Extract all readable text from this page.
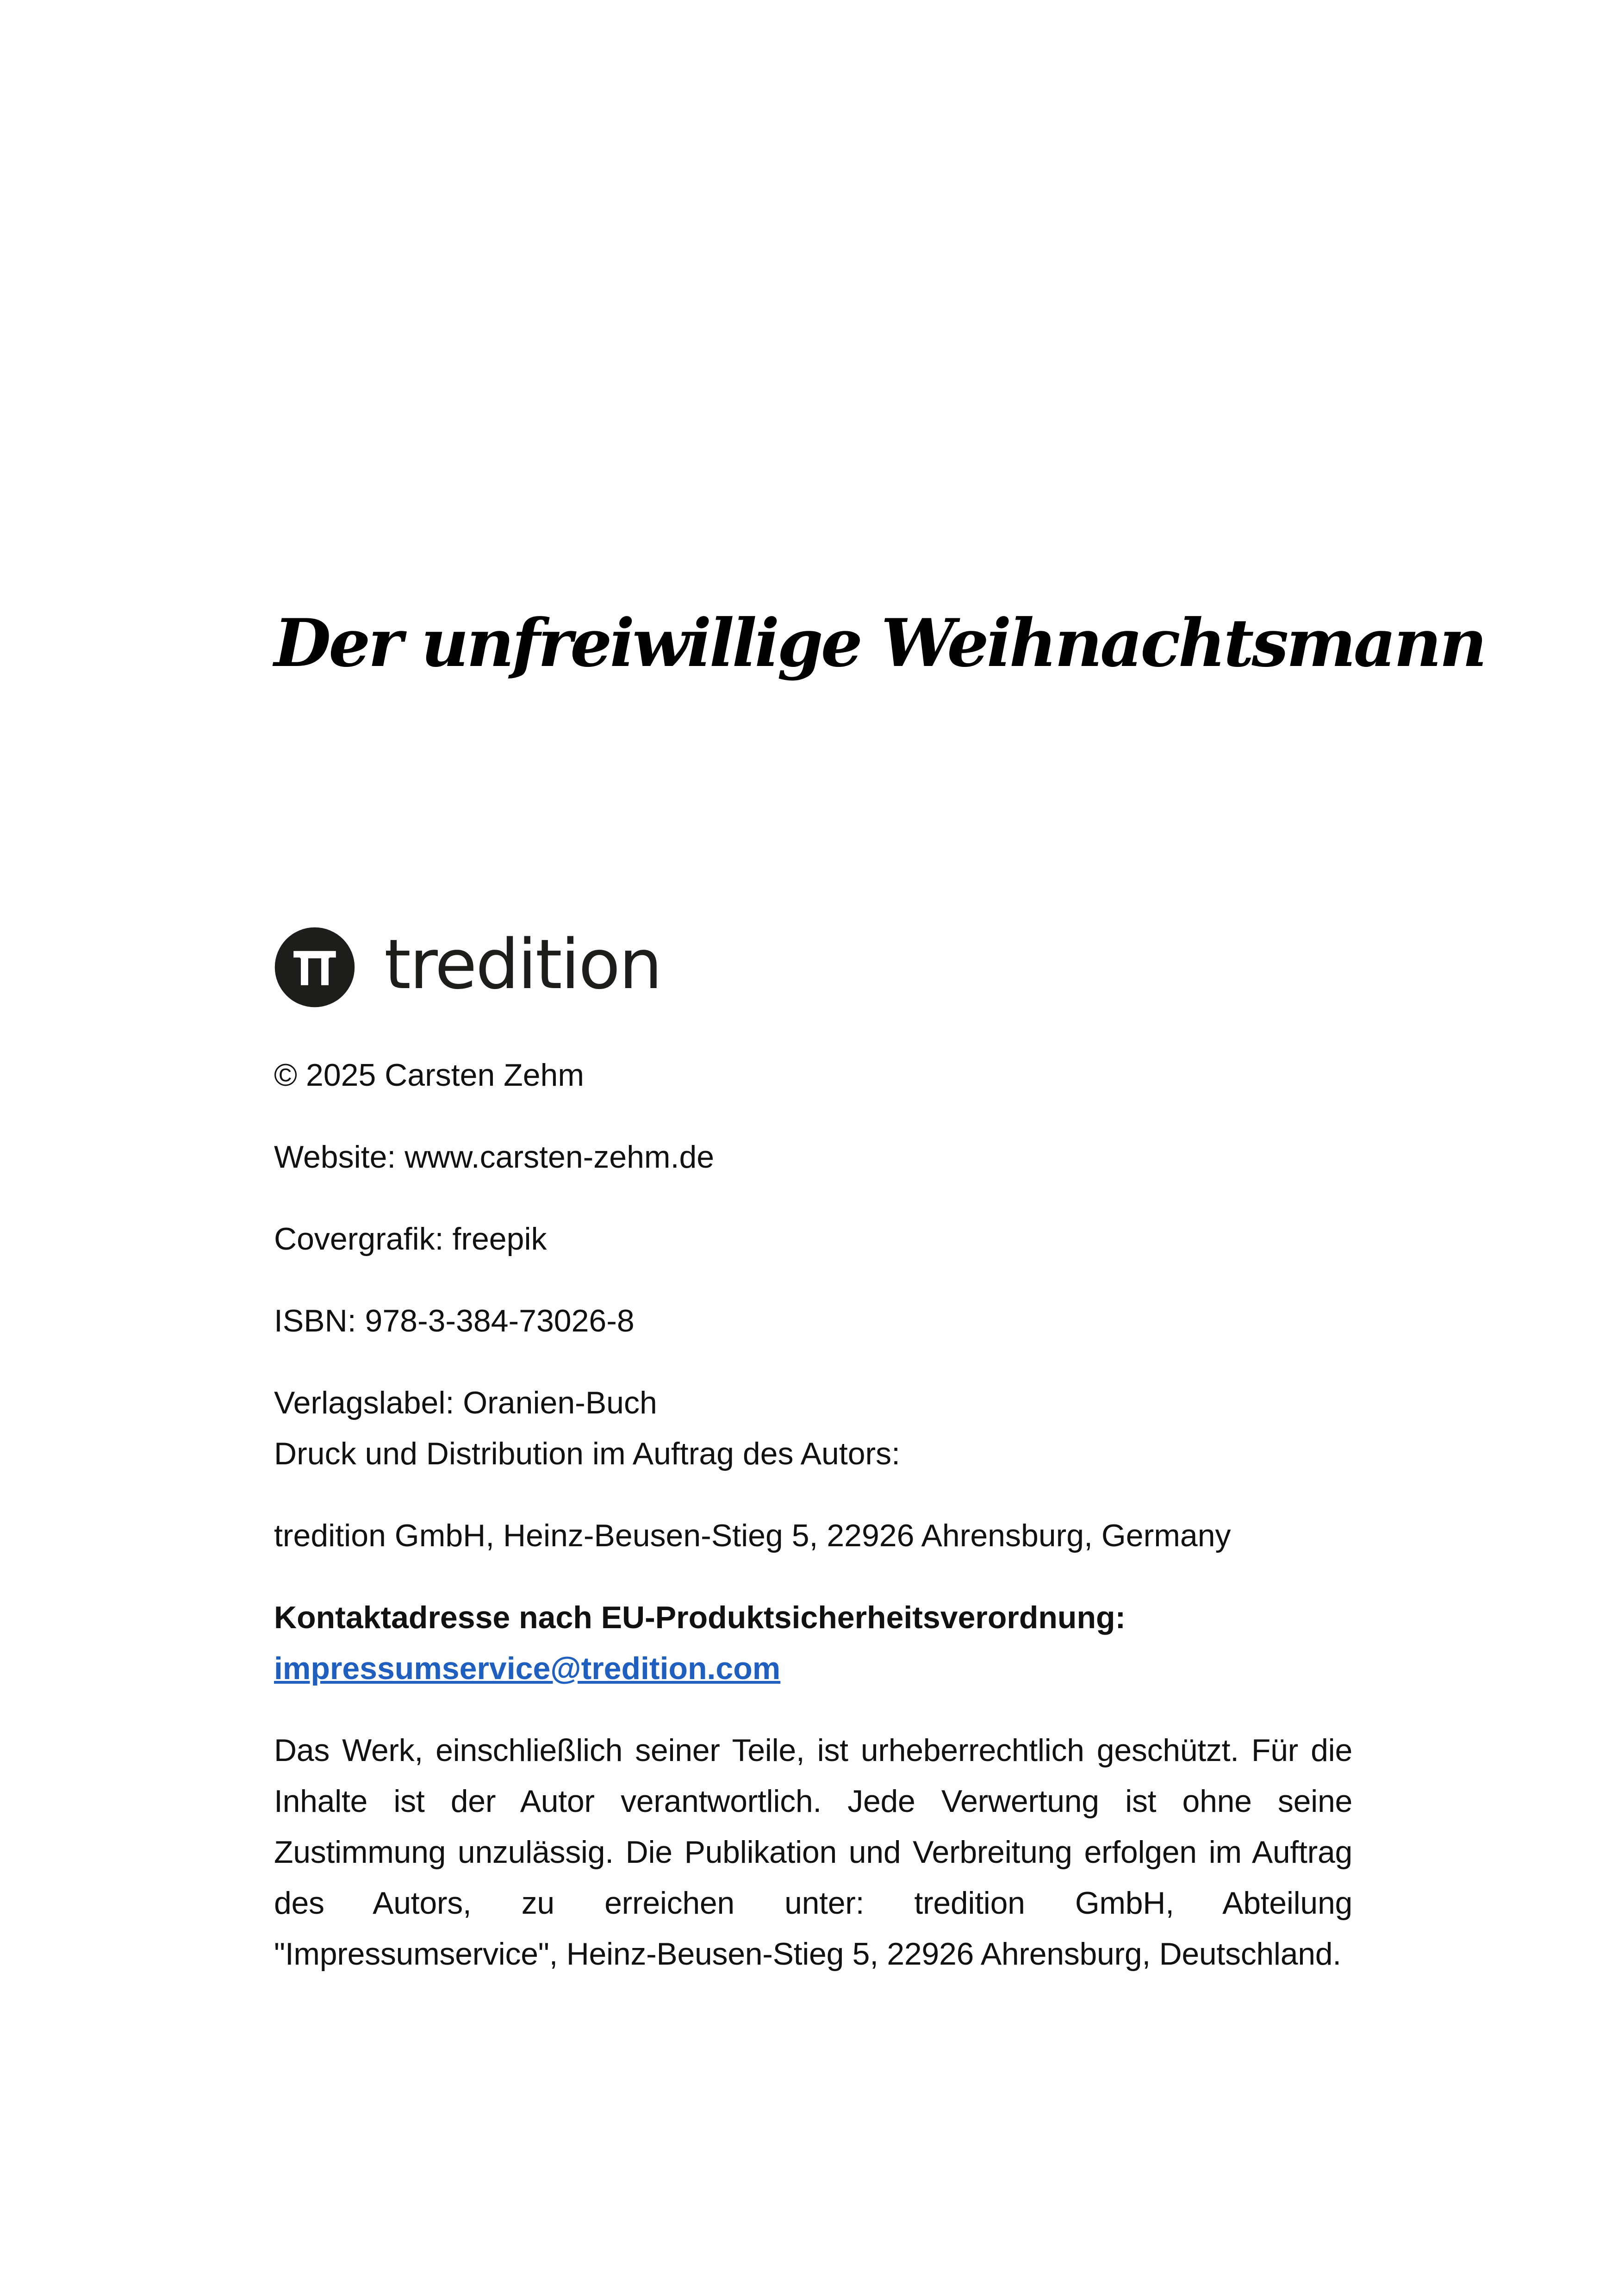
Der unfreiwillige Weihnachtsmann
tredition

© 2025 Carsten Zehm

Website: www.carsten-zehm.de

Covergrafik: freepik

ISBN: 978-3-384-73026-8

Verlagslabel: Oranien-Buch
Druck und Distribution im Auftrag des Autors:

tredition GmbH, Heinz-Beusen-Stieg 5, 22926 Ahrensburg, Germany

Kontaktadresse nach EU-Produktsicherheitsverordnung:
impressumservice@tredition.com

Das Werk, einschließlich seiner Teile, ist urheberrechtlich geschützt. Für die Inhalte ist der Autor verantwortlich. Jede Verwertung ist ohne seine Zustimmung unzulässig. Die Publikation und Verbreitung erfolgen im Auftrag des Autors, zu erreichen unter: tredition GmbH, Abteilung "Impressumservice", Heinz-Beusen-Stieg 5, 22926 Ahrensburg, Deutschland.
